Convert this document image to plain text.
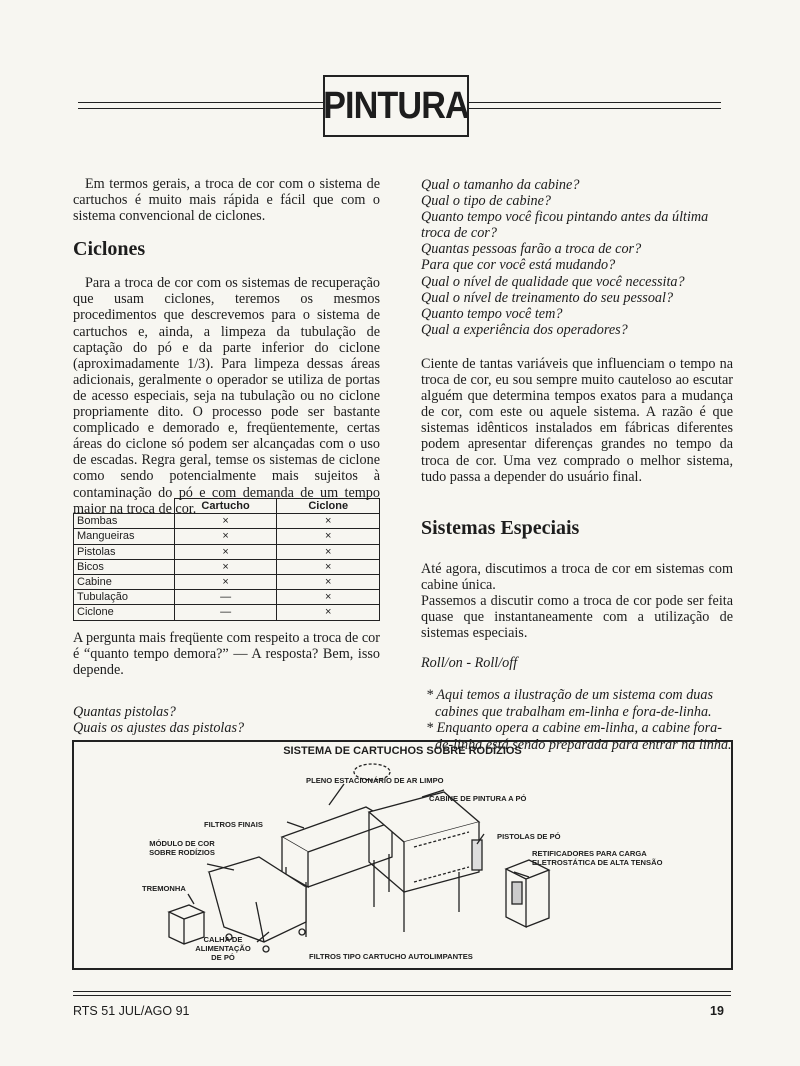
PINTURA

Em termos gerais, a troca de cor com o sistema de cartuchos é muito mais rápida e fácil que com o sistema convencional de ciclones.

Ciclones

Para a troca de cor com os sistemas de recuperação que usam ciclones, teremos os mesmos procedimentos que descrevemos para o sistema de cartuchos e, ainda, a limpeza da tubulação de captação do pó e da parte inferior do ciclone (aproximadamente 1/3). Para limpeza dessas áreas adicionais, geralmente o operador se utiliza de portas de acesso especiais, seja na tubulação ou no ciclone propriamente dito. O processo pode ser bastante complicado e demorado e, freqüentemente, certas áreas do ciclone só podem ser alcançadas com o uso de escadas. Regra geral, temse os sistemas de ciclone como sendo potencialmente mais sujeitos à contaminação do pó e com demanda de um tempo maior na troca de cor.

	Cartucho	Ciclone
Bombas	×	×
Mangueiras	×	×
Pistolas	×	×
Bicos	×	×
Cabine	×	×
Tubulação	—	×
Ciclone	—	×

A pergunta mais freqüente com respeito a troca de cor é “quanto tempo demora?” — A resposta? Bem, isso depende.

Quantas pistolas?

Quais os ajustes das pistolas?

Qual o tamanho da cabine?

Qual o tipo de cabine?

Quanto tempo você ficou pintando antes da última troca de cor?

Quantas pessoas farão a troca de cor?

Para que cor você está mudando?

Qual o nível de qualidade que você necessita?

Qual o nível de treinamento do seu pessoal?

Quanto tempo você tem?

Qual a experiência dos operadores?

Ciente de tantas variáveis que influenciam o tempo na troca de cor, eu sou sempre muito cauteloso ao escutar alguém que determina tempos exatos para a mudança de cor, com este ou aquele sistema. A razão é que sistemas idênticos instalados em fábricas diferentes podem apresentar diferenças grandes no tempo da troca de cor. Uma vez comprado o melhor sistema, tudo passa a depender do usuário final.

Sistemas Especiais

Até agora, discutimos a troca de cor em sistemas com cabine única.

Passemos a discutir como a troca de cor pode ser feita quase que instantaneamente com a utilização de sistemas especiais.

Roll/on - Roll/off

* Aqui temos a ilustração de um sistema com duas cabines que trabalham em-linha e fora-de-linha.

* Enquanto opera a cabine em-linha, a cabine fora-de-linha está sendo preparada para entrar na linha.

SISTEMA DE CARTUCHOS SOBRE RODÍZIOS
PLENO ESTACIONÁRIO DE AR LIMPO
CABINE DE PINTURA A PÓ
FILTROS FINAIS
PISTOLAS DE PÓ
MÓDULO DE COR SOBRE RODÍZIOS	RETIFICADORES PARA CARGA ELETROSTÁTICA DE ALTA TENSÃO
TREMONHA
CALHA DE ALIMENTAÇÃO DE PÓ	FILTROS TIPO CARTUCHO AUTOLIMPANTES
RTS 51 JUL/AGO 91	19
